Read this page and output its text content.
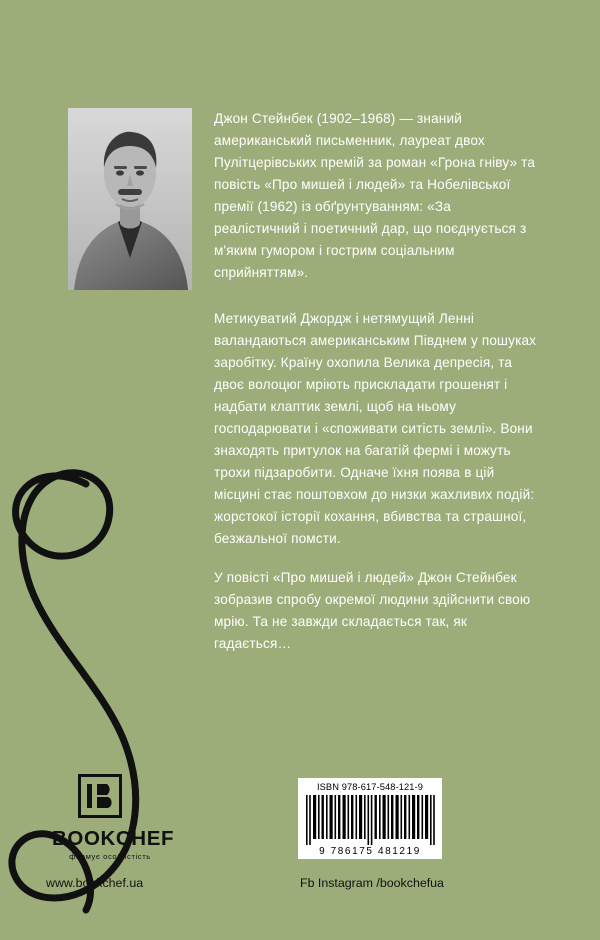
Джон Стейнбек (1902–1968) — знаний американський письменник, лауреат двох Пулітцерівських премій за роман «Грона гніву» та повість «Про мишей і людей» та Нобелівської премії (1962) із обґрунтуванням: «За реалістичний і поетичний дар, що поєднується з м'яким гумором і гострим соціальним сприйняттям».

Метикуватий Джордж і нетямущий Ленні валандаються американським Півднем у пошуках заробітку. Країну охопила Велика депресія, та двоє волоцюг мріють прискладати грошенят і надбати клаптик землі, щоб на ньому господарювати і «споживати ситість землі». Вони знаходять притулок на багатій фермі і можуть трохи підзаробити. Одначе їхня поява в цій місцині стає поштовхом до низки жахливих подій: жорстокої історії кохання, вбивства та страшної, безжальної помсти.

У повісті «Про мишей і людей» Джон Стейнбек зобразив спробу окремої людини здійснити свою мрію. Та не завжди складається так, як гадається…

BOOKCHEF
формує особистість
www.bookchef.ua	Fb Instagram /bookchefua
ISBN 978-617-548-121-9
9 786175 481219
